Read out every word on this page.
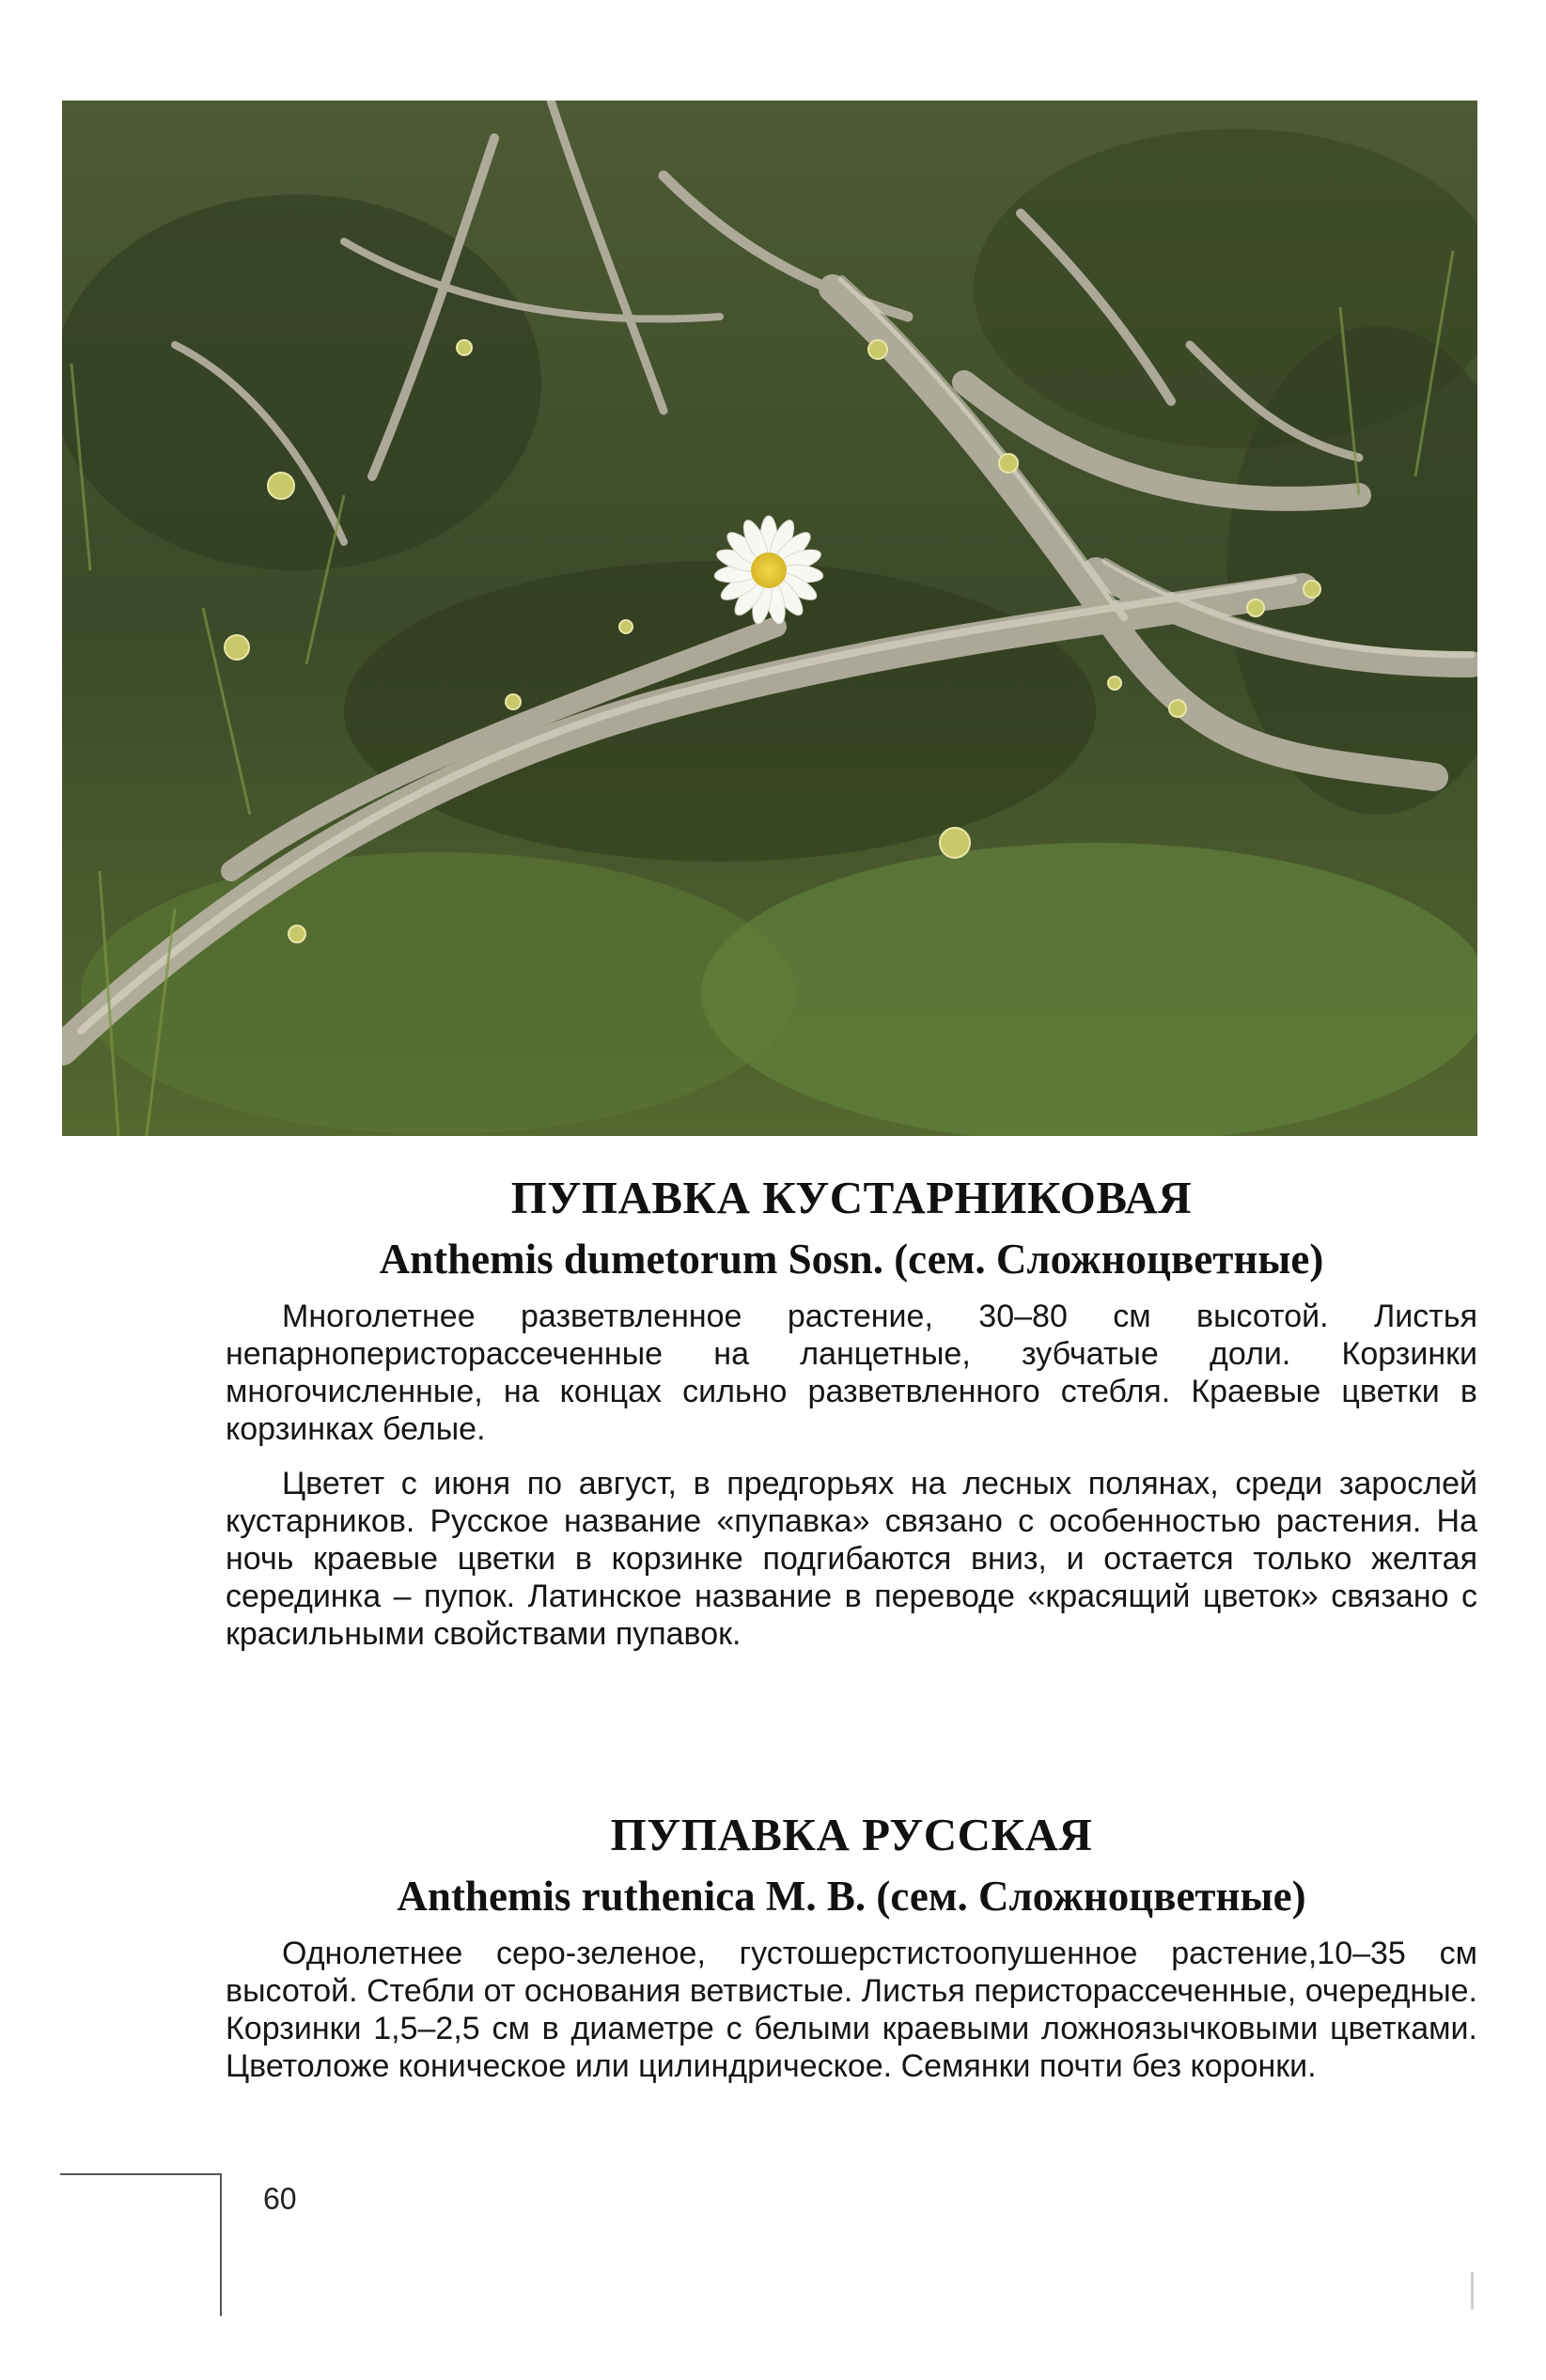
ПУПАВКА КУСТАРНИКОВАЯ
Anthemis dumetorum Sosn. (сем. Сложноцветные)

Многолетнее разветвленное растение, 30–80 см высотой. Листья непарноперисторассеченные на ланцетные, зубчатые доли. Корзинки многочисленные, на концах сильно разветвленного стебля. Краевые цветки в корзинках белые.

Цветет с июня по август, в предгорьях на лесных полянах, среди зарослей кустарников. Русское название «пупавка» связано с особенностью растения. На ночь краевые цветки в корзинке подгибаются вниз, и остается только желтая серединка – пупок. Латинское название в переводе «красящий цветок» связано с красильными свойствами пупавок.

ПУПАВКА РУССКАЯ
Anthemis ruthenica M. B. (сем. Сложноцветные)

Однолетнее серо-зеленое, густошерстистоопушенное растение,10–35 см высотой. Стебли от основания ветвистые. Листья перисторассеченные, очередные. Корзинки 1,5–2,5 см в диаметре с белыми краевыми ложноязычковыми цветками. Цветоложе коническое или цилиндрическое. Семянки почти без коронки.

60
